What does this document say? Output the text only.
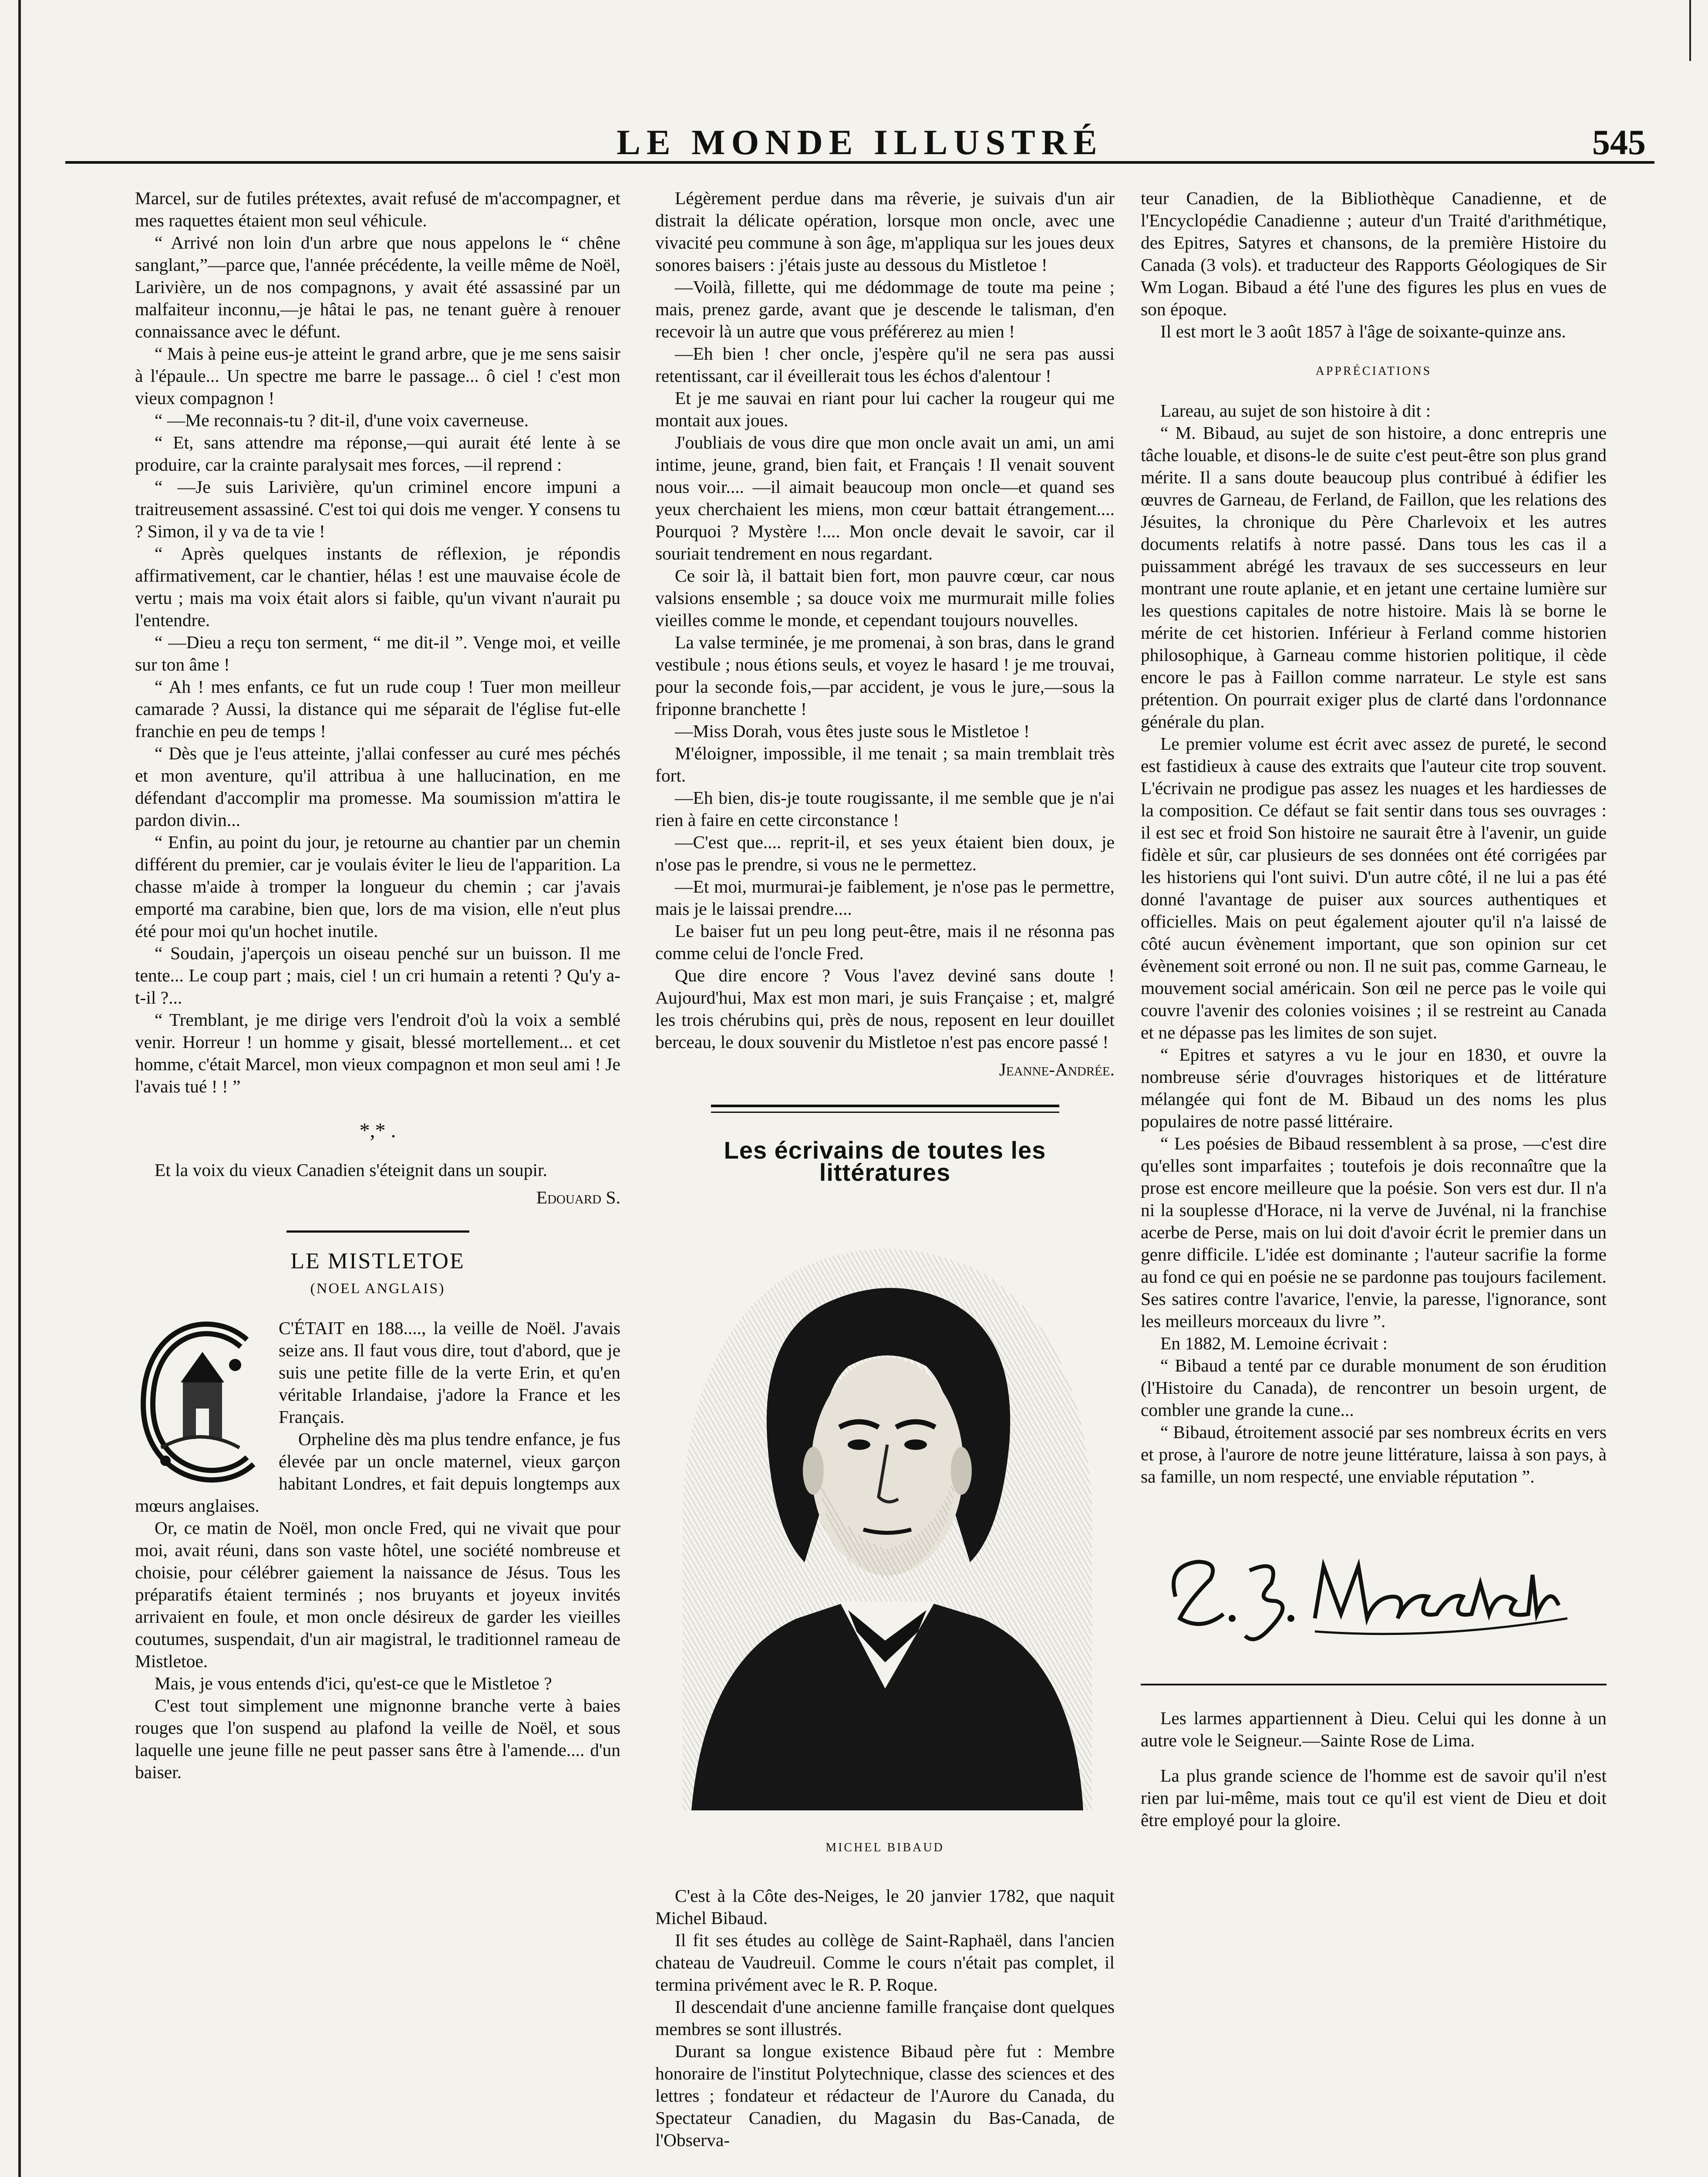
LE MONDE ILLUSTRÉ	545

Marcel, sur de futiles prétextes, avait refusé de m'accompagner, et mes raquettes étaient mon seul véhicule.

“ Arrivé non loin d'un arbre que nous appelons le “ chêne sanglant,”—parce que, l'année précédente, la veille même de Noël, Larivière, un de nos compagnons, y avait été assassiné par un malfaiteur inconnu,—je hâtai le pas, ne tenant guère à renouer connaissance avec le défunt.

“ Mais à peine eus-je atteint le grand arbre, que je me sens saisir à l'épaule... Un spectre me barre le passage... ô ciel ! c'est mon vieux compagnon !

“ —Me reconnais-tu ? dit-il, d'une voix caverneuse.

“ Et, sans attendre ma réponse,—qui aurait été lente à se produire, car la crainte paralysait mes forces, —il reprend :

“ —Je suis Larivière, qu'un criminel encore impuni a traitreusement assassiné. C'est toi qui dois me venger. Y consens tu ? Simon, il y va de ta vie !

“ Après quelques instants de réflexion, je répondis affirmativement, car le chantier, hélas ! est une mauvaise école de vertu ; mais ma voix était alors si faible, qu'un vivant n'aurait pu l'entendre.

“ —Dieu a reçu ton serment, “ me dit-il ”. Venge moi, et veille sur ton âme !

“ Ah ! mes enfants, ce fut un rude coup ! Tuer mon meilleur camarade ? Aussi, la distance qui me séparait de l'église fut-elle franchie en peu de temps !

“ Dès que je l'eus atteinte, j'allai confesser au curé mes péchés et mon aventure, qu'il attribua à une hallucination, en me défendant d'accomplir ma promesse. Ma soumission m'attira le pardon divin...

“ Enfin, au point du jour, je retourne au chantier par un chemin différent du premier, car je voulais éviter le lieu de l'apparition. La chasse m'aide à tromper la longueur du chemin ; car j'avais emporté ma carabine, bien que, lors de ma vision, elle n'eut plus été pour moi qu'un hochet inutile.

“ Soudain, j'aperçois un oiseau penché sur un buisson. Il me tente... Le coup part ; mais, ciel ! un cri humain a retenti ? Qu'y a-t-il ?...

“ Tremblant, je me dirige vers l'endroit d'où la voix a semblé venir. Horreur ! un homme y gisait, blessé mortellement... et cet homme, c'était Marcel, mon vieux compagnon et mon seul ami ! Je l'avais tué ! ! ”

*,* .

Et la voix du vieux Canadien s'éteignit dans un soupir.

Edouard S.

LE MISTLETOE

(NOEL ANGLAIS)

C'ÉTAIT en 188...., la veille de Noël. J'avais seize ans. Il faut vous dire, tout d'abord, que je suis une petite fille de la verte Erin, et qu'en véritable Irlandaise, j'adore la France et les Français.

Orpheline dès ma plus tendre enfance, je fus élevée par un oncle maternel, vieux garçon habitant Londres, et fait depuis longtemps aux mœurs anglaises.

Or, ce matin de Noël, mon oncle Fred, qui ne vivait que pour moi, avait réuni, dans son vaste hôtel, une société nombreuse et choisie, pour célébrer gaiement la naissance de Jésus. Tous les préparatifs étaient terminés ; nos bruyants et joyeux invités arrivaient en foule, et mon oncle désireux de garder les vieilles coutumes, suspendait, d'un air magistral, le traditionnel rameau de Mistletoe.

Mais, je vous entends d'ici, qu'est-ce que le Mistletoe ?

C'est tout simplement une mignonne branche verte à baies rouges que l'on suspend au plafond la veille de Noël, et sous laquelle une jeune fille ne peut passer sans être à l'amende.... d'un baiser.

Légèrement perdue dans ma rêverie, je suivais d'un air distrait la délicate opération, lorsque mon oncle, avec une vivacité peu commune à son âge, m'appliqua sur les joues deux sonores baisers : j'étais juste au dessous du Mistletoe !

—Voilà, fillette, qui me dédommage de toute ma peine ; mais, prenez garde, avant que je descende le talisman, d'en recevoir là un autre que vous préférerez au mien !

—Eh bien ! cher oncle, j'espère qu'il ne sera pas aussi retentissant, car il éveillerait tous les échos d'alentour !

Et je me sauvai en riant pour lui cacher la rougeur qui me montait aux joues.

J'oubliais de vous dire que mon oncle avait un ami, un ami intime, jeune, grand, bien fait, et Français ! Il venait souvent nous voir.... —il aimait beaucoup mon oncle—et quand ses yeux cherchaient les miens, mon cœur battait étrangement.... Pourquoi ? Mystère !.... Mon oncle devait le savoir, car il souriait tendrement en nous regardant.

Ce soir là, il battait bien fort, mon pauvre cœur, car nous valsions ensemble ; sa douce voix me murmurait mille folies vieilles comme le monde, et cependant toujours nouvelles.

La valse terminée, je me promenai, à son bras, dans le grand vestibule ; nous étions seuls, et voyez le hasard ! je me trouvai, pour la seconde fois,—par accident, je vous le jure,—sous la friponne branchette !

—Miss Dorah, vous êtes juste sous le Mistletoe !

M'éloigner, impossible, il me tenait ; sa main tremblait très fort.

—Eh bien, dis-je toute rougissante, il me semble que je n'ai rien à faire en cette circonstance !

—C'est que.... reprit-il, et ses yeux étaient bien doux, je n'ose pas le prendre, si vous ne le permettez.

—Et moi, murmurai-je faiblement, je n'ose pas le permettre, mais je le laissai prendre....

Le baiser fut un peu long peut-être, mais il ne résonna pas comme celui de l'oncle Fred.

Que dire encore ? Vous l'avez deviné sans doute ! Aujourd'hui, Max est mon mari, je suis Française ; et, malgré les trois chérubins qui, près de nous, reposent en leur douillet berceau, le doux souvenir du Mistletoe n'est pas encore passé !

Jeanne-Andrée.

Les écrivains de toutes les littératures

MICHEL BIBAUD

C'est à la Côte des-Neiges, le 20 janvier 1782, que naquit Michel Bibaud.

Il fit ses études au collège de Saint-Raphaël, dans l'ancien chateau de Vaudreuil. Comme le cours n'était pas complet, il termina privément avec le R. P. Roque.

Il descendait d'une ancienne famille française dont quelques membres se sont illustrés.

Durant sa longue existence Bibaud père fut : Membre honoraire de l'institut Polytechnique, classe des sciences et des lettres ; fondateur et rédacteur de l'Aurore du Canada, du Spectateur Canadien, du Magasin du Bas-Canada, de l'Observa-

teur Canadien, de la Bibliothèque Canadienne, et de l'Encyclopédie Canadienne ; auteur d'un Traité d'arithmétique, des Epitres, Satyres et chansons, de la première Histoire du Canada (3 vols). et traducteur des Rapports Géologiques de Sir Wm Logan. Bibaud a été l'une des figures les plus en vues de son époque.

Il est mort le 3 août 1857 à l'âge de soixante-quinze ans.

APPRÉCIATIONS

Lareau, au sujet de son histoire à dit :

“ M. Bibaud, au sujet de son histoire, a donc entrepris une tâche louable, et disons-le de suite c'est peut-être son plus grand mérite. Il a sans doute beaucoup plus contribué à édifier les œuvres de Garneau, de Ferland, de Faillon, que les relations des Jésuites, la chronique du Père Charlevoix et les autres documents relatifs à notre passé. Dans tous les cas il a puissamment abrégé les travaux de ses successeurs en leur montrant une route aplanie, et en jetant une certaine lumière sur les questions capitales de notre histoire. Mais là se borne le mérite de cet historien. Inférieur à Ferland comme historien philosophique, à Garneau comme historien politique, il cède encore le pas à Faillon comme narrateur. Le style est sans prétention. On pourrait exiger plus de clarté dans l'ordonnance générale du plan.

Le premier volume est écrit avec assez de pureté, le second est fastidieux à cause des extraits que l'auteur cite trop souvent. L'écrivain ne prodigue pas assez les nuages et les hardiesses de la composition. Ce défaut se fait sentir dans tous ses ouvrages : il est sec et froid Son histoire ne saurait être à l'avenir, un guide fidèle et sûr, car plusieurs de ses données ont été corrigées par les historiens qui l'ont suivi. D'un autre côté, il ne lui a pas été donné l'avantage de puiser aux sources authentiques et officielles. Mais on peut également ajouter qu'il n'a laissé de côté aucun évènement important, que son opinion sur cet évènement soit erroné ou non. Il ne suit pas, comme Garneau, le mouvement social américain. Son œil ne perce pas le voile qui couvre l'avenir des colonies voisines ; il se restreint au Canada et ne dépasse pas les limites de son sujet.

“ Epitres et satyres a vu le jour en 1830, et ouvre la nombreuse série d'ouvrages historiques et de littérature mélangée qui font de M. Bibaud un des noms les plus populaires de notre passé littéraire.

“ Les poésies de Bibaud ressemblent à sa prose, —c'est dire qu'elles sont imparfaites ; toutefois je dois reconnaître que la prose est encore meilleure que la poésie. Son vers est dur. Il n'a ni la souplesse d'Horace, ni la verve de Juvénal, ni la franchise acerbe de Perse, mais on lui doit d'avoir écrit le premier dans un genre difficile. L'idée est dominante ; l'auteur sacrifie la forme au fond ce qui en poésie ne se pardonne pas toujours facilement. Ses satires contre l'avarice, l'envie, la paresse, l'ignorance, sont les meilleurs morceaux du livre ”.

En 1882, M. Lemoine écrivait :

“ Bibaud a tenté par ce durable monument de son érudition (l'Histoire du Canada), de rencontrer un besoin urgent, de combler une grande la cune...

“ Bibaud, étroitement associé par ses nombreux écrits en vers et prose, à l'aurore de notre jeune littérature, laissa à son pays, à sa famille, un nom respecté, une enviable réputation ”.

Les larmes appartiennent à Dieu. Celui qui les donne à un autre vole le Seigneur.—Sainte Rose de Lima.

La plus grande science de l'homme est de savoir qu'il n'est rien par lui-même, mais tout ce qu'il est vient de Dieu et doit être employé pour la gloire.
